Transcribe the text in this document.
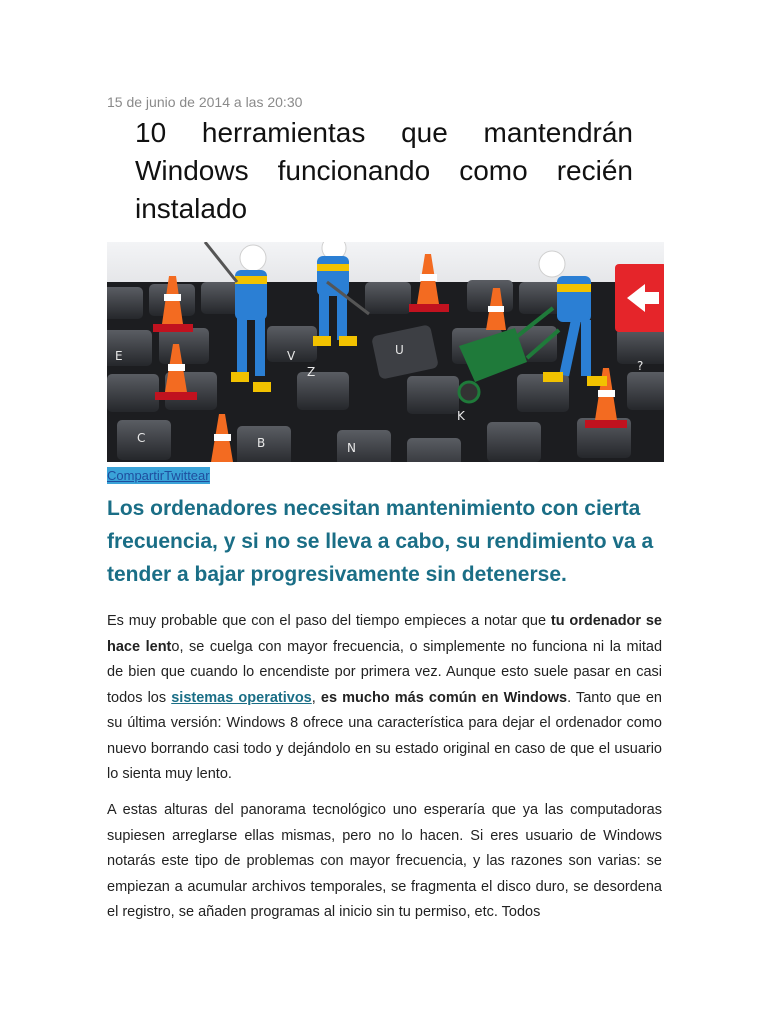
15 de junio de 2014 a las 20:30
10 herramientas que mantendrán Windows funcionando como recién instalado
E	U
Z
V
K
B	N
C
?
CompartirTwittear

Los ordenadores necesitan mantenimiento con cierta frecuencia, y si no se lleva a cabo, su rendimiento va a tender a bajar progresivamente sin detenerse.

Es muy probable que con el paso del tiempo empieces a notar que tu ordenador se hace lento, se cuelga con mayor frecuencia, o simplemente no funciona ni la mitad de bien que cuando lo encendiste por primera vez. Aunque esto suele pasar en casi todos los sistemas operativos, es mucho más común en Windows. Tanto que en su última versión: Windows 8 ofrece una característica para dejar el ordenador como nuevo borrando casi todo y dejándolo en su estado original en caso de que el usuario lo sienta muy lento.

A estas alturas del panorama tecnológico uno esperaría que ya las computadoras supiesen arreglarse ellas mismas, pero no lo hacen. Si eres usuario de Windows notarás este tipo de problemas con mayor frecuencia, y las razones son varias: se empiezan a acumular archivos temporales, se fragmenta el disco duro, se desordena el registro, se añaden programas al inicio sin tu permiso, etc. Todos
